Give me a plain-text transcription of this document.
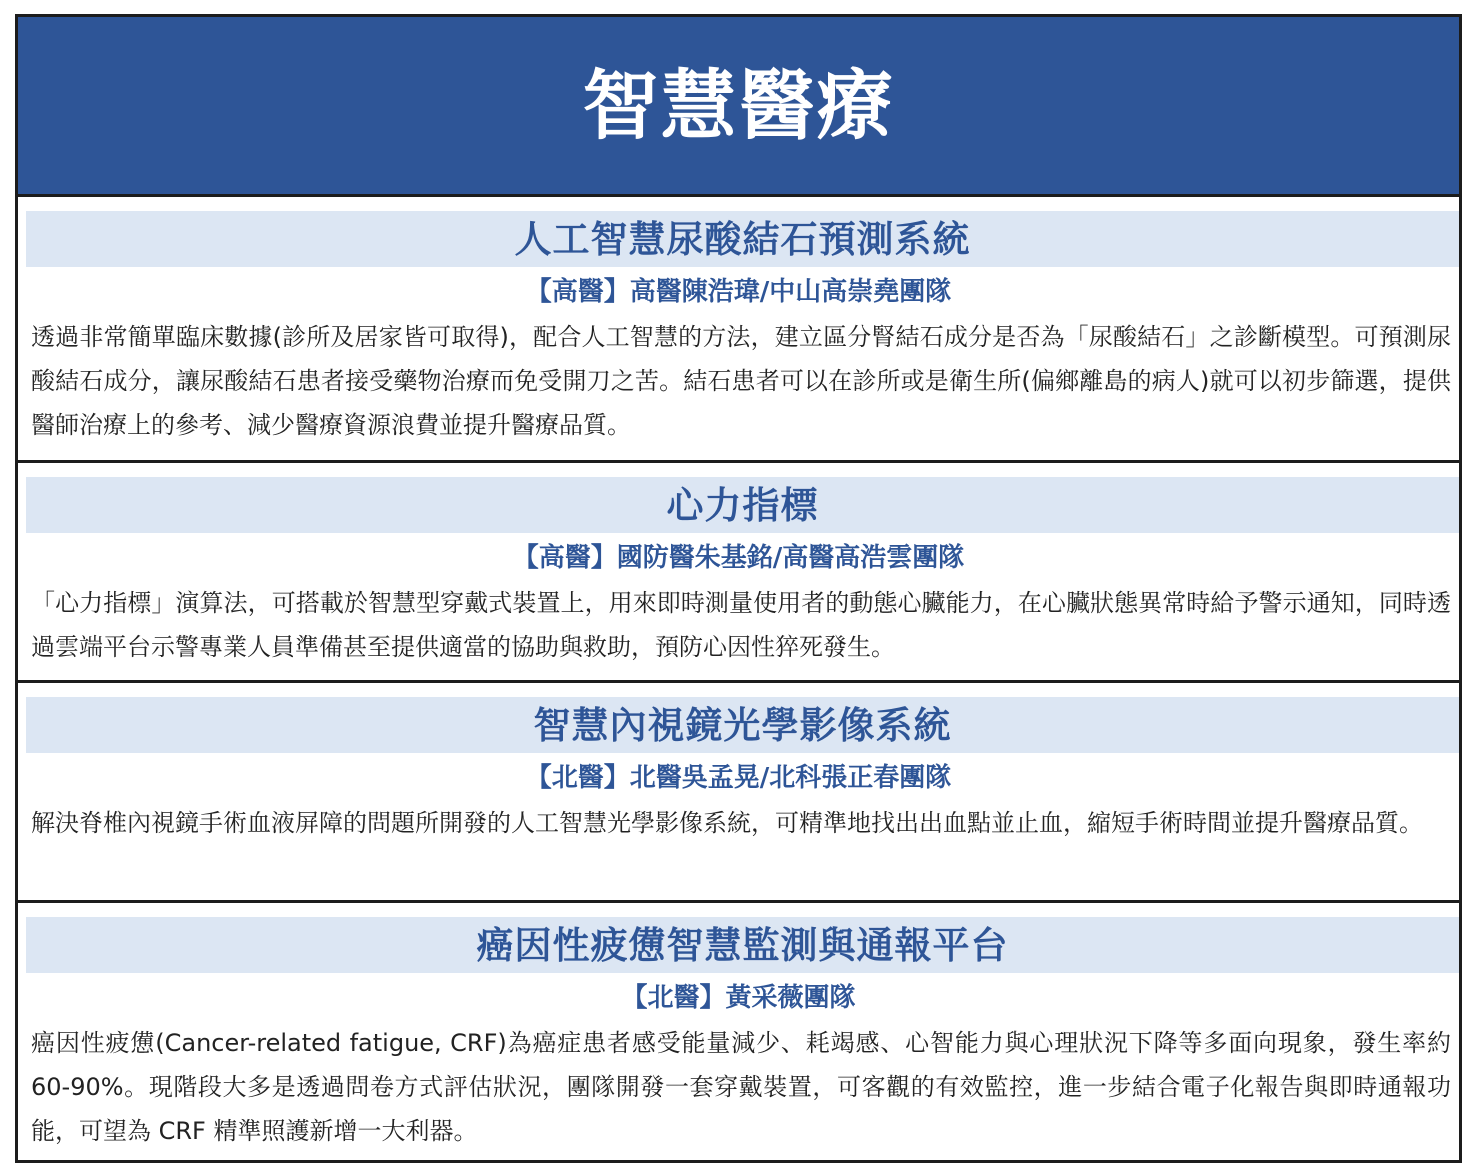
智慧醫療
人工智慧尿酸結石預測系統
【高醫】高醫陳浩瑋/中山高崇堯團隊
透過非常簡單臨床數據(診所及居家皆可取得)，配合人工智慧的方法，建立區分腎結石成分是否為「尿酸結石」之診斷模型。可預測尿酸結石成分，讓尿酸結石患者接受藥物治療而免受開刀之苦。結石患者可以在診所或是衛生所(偏鄉離島的病人)就可以初步篩選，提供醫師治療上的參考、減少醫療資源浪費並提升醫療品質。
心力指標
【高醫】國防醫朱基銘/高醫高浩雲團隊
「心力指標」演算法，可搭載於智慧型穿戴式裝置上，用來即時測量使用者的動態心臟能力，在心臟狀態異常時給予警示通知，同時透過雲端平台示警專業人員準備甚至提供適當的協助與救助，預防心因性猝死發生。
智慧內視鏡光學影像系統
【北醫】北醫吳孟晃/北科張正春團隊
解決脊椎內視鏡手術血液屏障的問題所開發的人工智慧光學影像系統，可精準地找出出血點並止血，縮短手術時間並提升醫療品質。
癌因性疲憊智慧監測與通報平台
【北醫】黃采薇團隊
癌因性疲憊(Cancer-related fatigue, CRF)為癌症患者感受能量減少、耗竭感、心智能力與心理狀況下降等多面向現象，發生率約 60-90%。現階段大多是透過問卷方式評估狀況，團隊開發一套穿戴裝置，可客觀的有效監控，進一步結合電子化報告與即時通報功能，可望為 CRF 精準照護新增一大利器。
